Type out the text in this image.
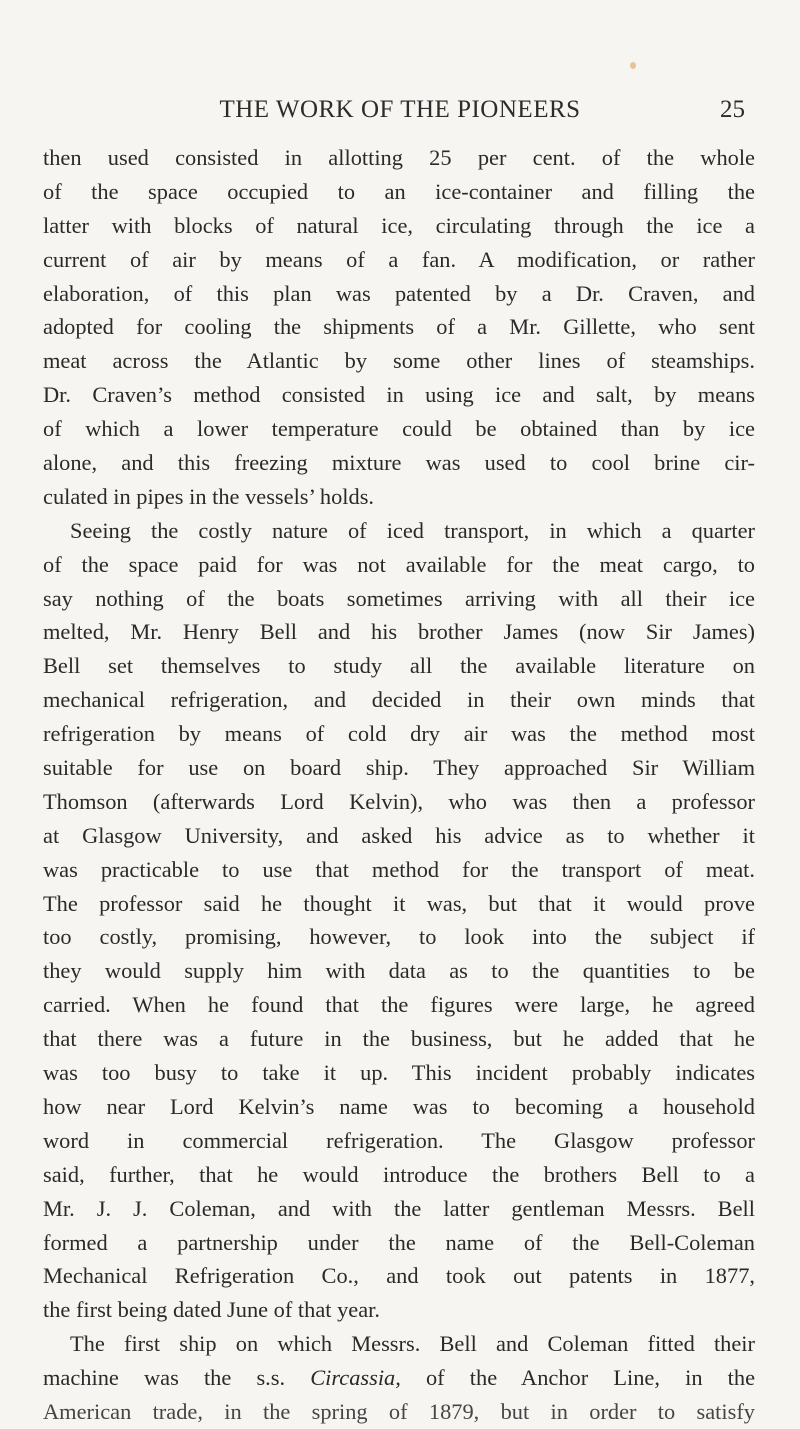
THE WORK OF THE PIONEERS	25
then used consisted in allotting 25 per cent. of the whole
of the space occupied to an ice-container and filling the
latter with blocks of natural ice, circulating through the ice a
current of air by means of a fan. A modification, or rather
elaboration, of this plan was patented by a Dr. Craven, and
adopted for cooling the shipments of a Mr. Gillette, who sent
meat across the Atlantic by some other lines of steamships.
Dr. Craven’s method consisted in using ice and salt, by means
of which a lower temperature could be obtained than by ice
alone, and this freezing mixture was used to cool brine cir-
culated in pipes in the vessels’ holds.
Seeing the costly nature of iced transport, in which a quarter
of the space paid for was not available for the meat cargo, to
say nothing of the boats sometimes arriving with all their ice
melted, Mr. Henry Bell and his brother James (now Sir James)
Bell set themselves to study all the available literature on
mechanical refrigeration, and decided in their own minds that
refrigeration by means of cold dry air was the method most
suitable for use on board ship. They approached Sir William
Thomson (afterwards Lord Kelvin), who was then a professor
at Glasgow University, and asked his advice as to whether it
was practicable to use that method for the transport of meat.
The professor said he thought it was, but that it would prove
too costly, promising, however, to look into the subject if
they would supply him with data as to the quantities to be
carried. When he found that the figures were large, he agreed
that there was a future in the business, but he added that he
was too busy to take it up. This incident probably indicates
how near Lord Kelvin’s name was to becoming a household
word in commercial refrigeration. The Glasgow professor
said, further, that he would introduce the brothers Bell to a
Mr. J. J. Coleman, and with the latter gentleman Messrs. Bell
formed a partnership under the name of the Bell-Coleman
Mechanical Refrigeration Co., and took out patents in 1877,
the first being dated June of that year.
The first ship on which Messrs. Bell and Coleman fitted their
machine was the s.s. Circassia, of the Anchor Line, in the
American trade, in the spring of 1879, but in order to satisfy
